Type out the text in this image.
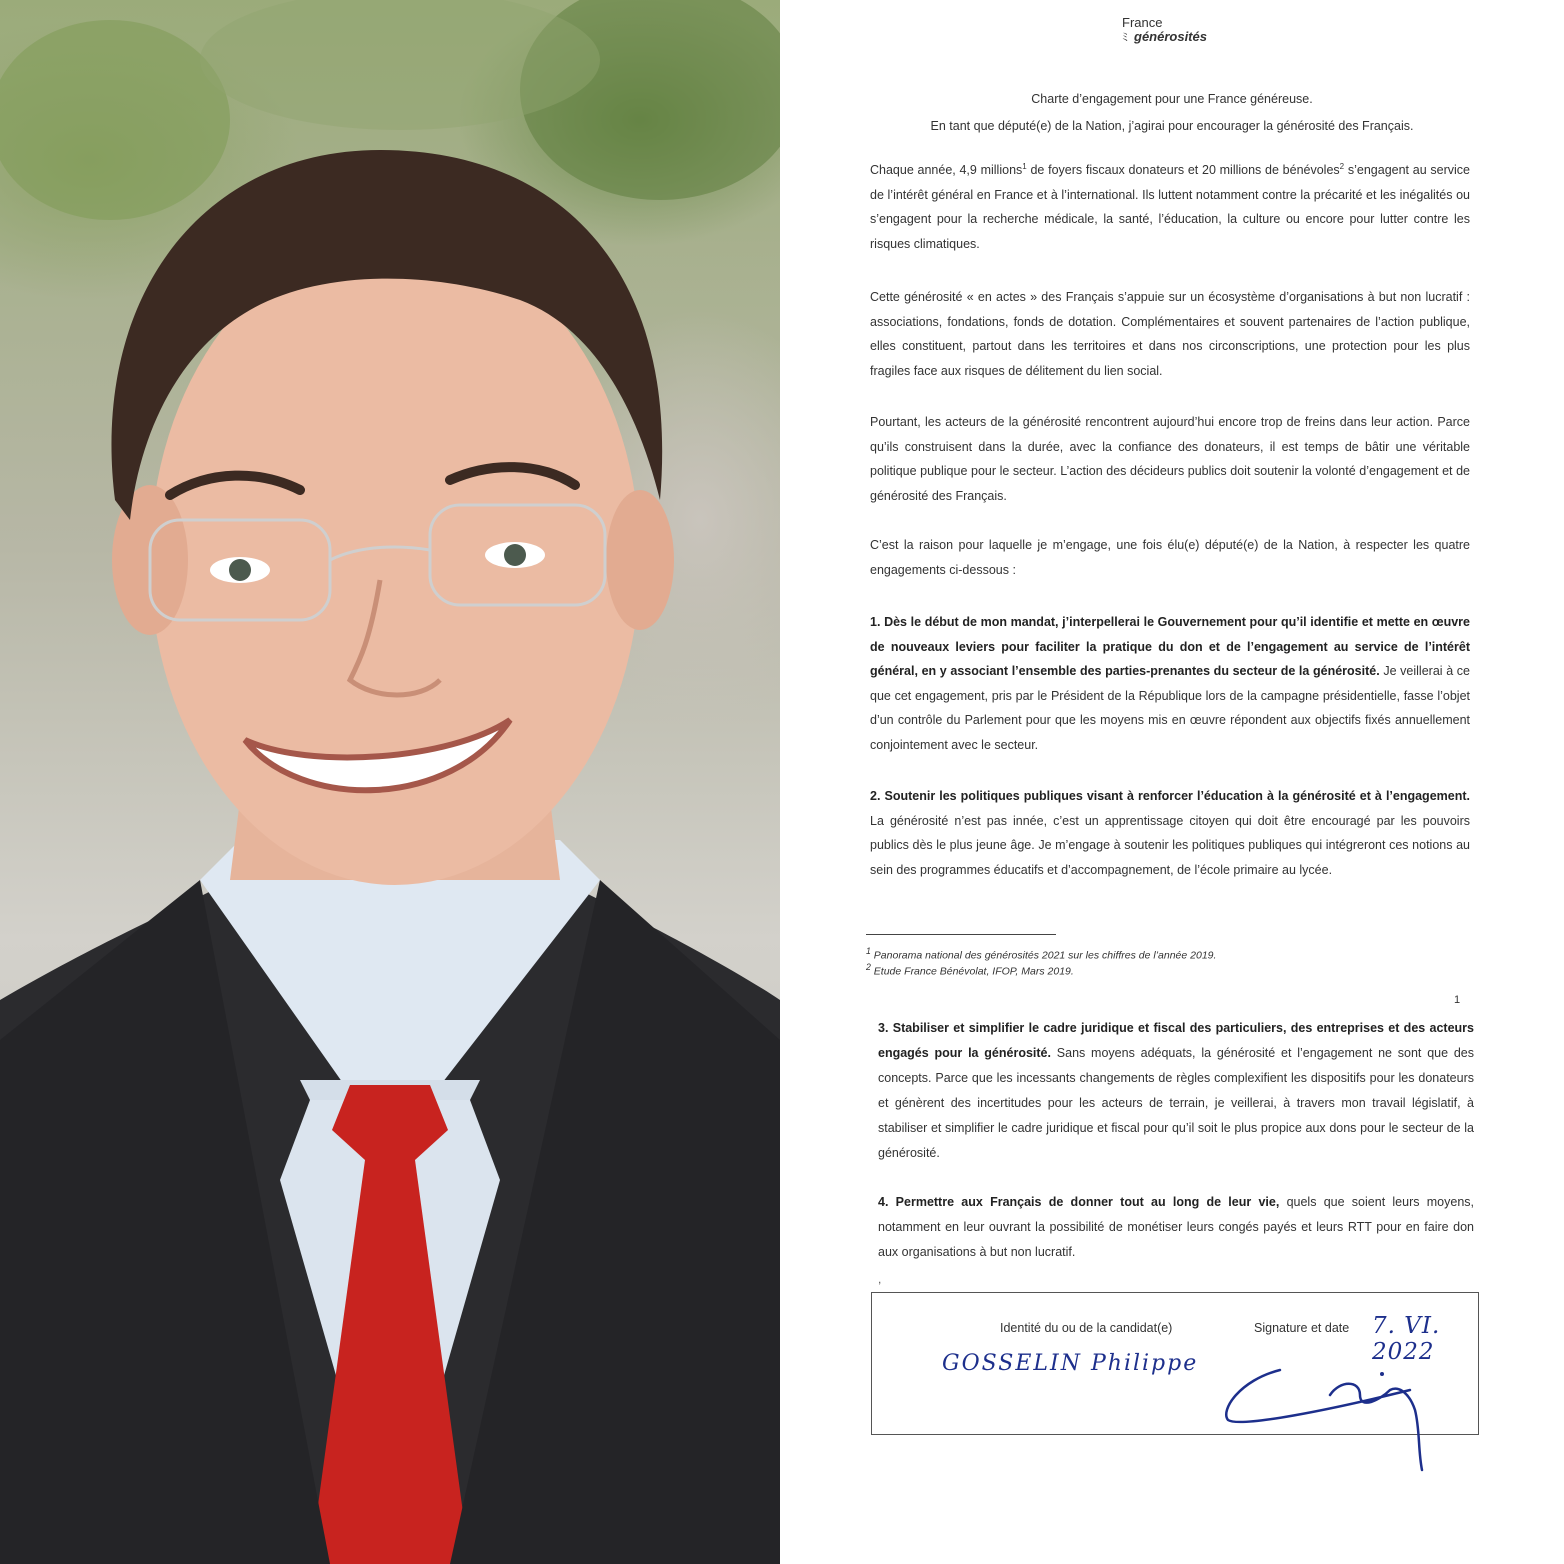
France
ﾐ générosités
Charte d’engagement pour une France généreuse.
En tant que député(e) de la Nation, j’agirai pour encourager la générosité des Français.

Chaque année, 4,9 millions$^1$ de foyers fiscaux donateurs et 20 millions de bénévoles$^2$ s’engagent au service de l’intérêt général en France et à l’international. Ils luttent notamment contre la précarité et les inégalités ou s’engagent pour la recherche médicale, la santé, l’éducation, la culture ou encore pour lutter contre les risques climatiques.

Cette générosité « en actes » des Français s’appuie sur un écosystème d’organisations à but non lucratif : associations, fondations, fonds de dotation. Complémentaires et souvent partenaires de l’action publique, elles constituent, partout dans les territoires et dans nos circonscriptions, une protection pour les plus fragiles face aux risques de délitement du lien social.

Pourtant, les acteurs de la générosité rencontrent aujourd’hui encore trop de freins dans leur action. Parce qu’ils construisent dans la durée, avec la confiance des donateurs, il est temps de bâtir une véritable politique publique pour le secteur. L’action des décideurs publics doit soutenir la volonté d’engagement et de générosité des Français.

C’est la raison pour laquelle je m’engage, une fois élu(e) député(e) de la Nation, à respecter les quatre engagements ci-dessous :

1. Dès le début de mon mandat, j’interpellerai le Gouvernement pour qu’il identifie et mette en œuvre de nouveaux leviers pour faciliter la pratique du don et de l’engagement au service de l’intérêt général, en y associant l’ensemble des parties-prenantes du secteur de la générosité. Je veillerai à ce que cet engagement, pris par le Président de la République lors de la campagne présidentielle, fasse l’objet d’un contrôle du Parlement pour que les moyens mis en œuvre répondent aux objectifs fixés annuellement conjointement avec le secteur.

2. Soutenir les politiques publiques visant à renforcer l’éducation à la générosité et à l’engagement. La générosité n’est pas innée, c’est un apprentissage citoyen qui doit être encouragé par les pouvoirs publics dès le plus jeune âge. Je m’engage à soutenir les politiques publiques qui intégreront ces notions au sein des programmes éducatifs et d’accompagnement, de l’école primaire au lycée.

$^1$ Panorama national des générosités 2021 sur les chiffres de l’année 2019.
$^2$ Etude France Bénévolat, IFOP, Mars 2019.
1

3. Stabiliser et simplifier le cadre juridique et fiscal des particuliers, des entreprises et des acteurs engagés pour la générosité. Sans moyens adéquats, la générosité et l’engagement ne sont que des concepts. Parce que les incessants changements de règles complexifient les dispositifs pour les donateurs et génèrent des incertitudes pour les acteurs de terrain, je veillerai, à travers mon travail législatif, à stabiliser et simplifier le cadre juridique et fiscal pour qu’il soit le plus propice aux dons pour le secteur de la générosité.

4. Permettre aux Français de donner tout au long de leur vie, quels que soient leurs moyens, notamment en leur ouvrant la possibilité de monétiser leurs congés payés et leurs RTT pour en faire don aux organisations à but non lucratif.

,
Identité du ou de la candidat(e)	Signature et date 7. VI. 2022
GOSSELIN Philippe
